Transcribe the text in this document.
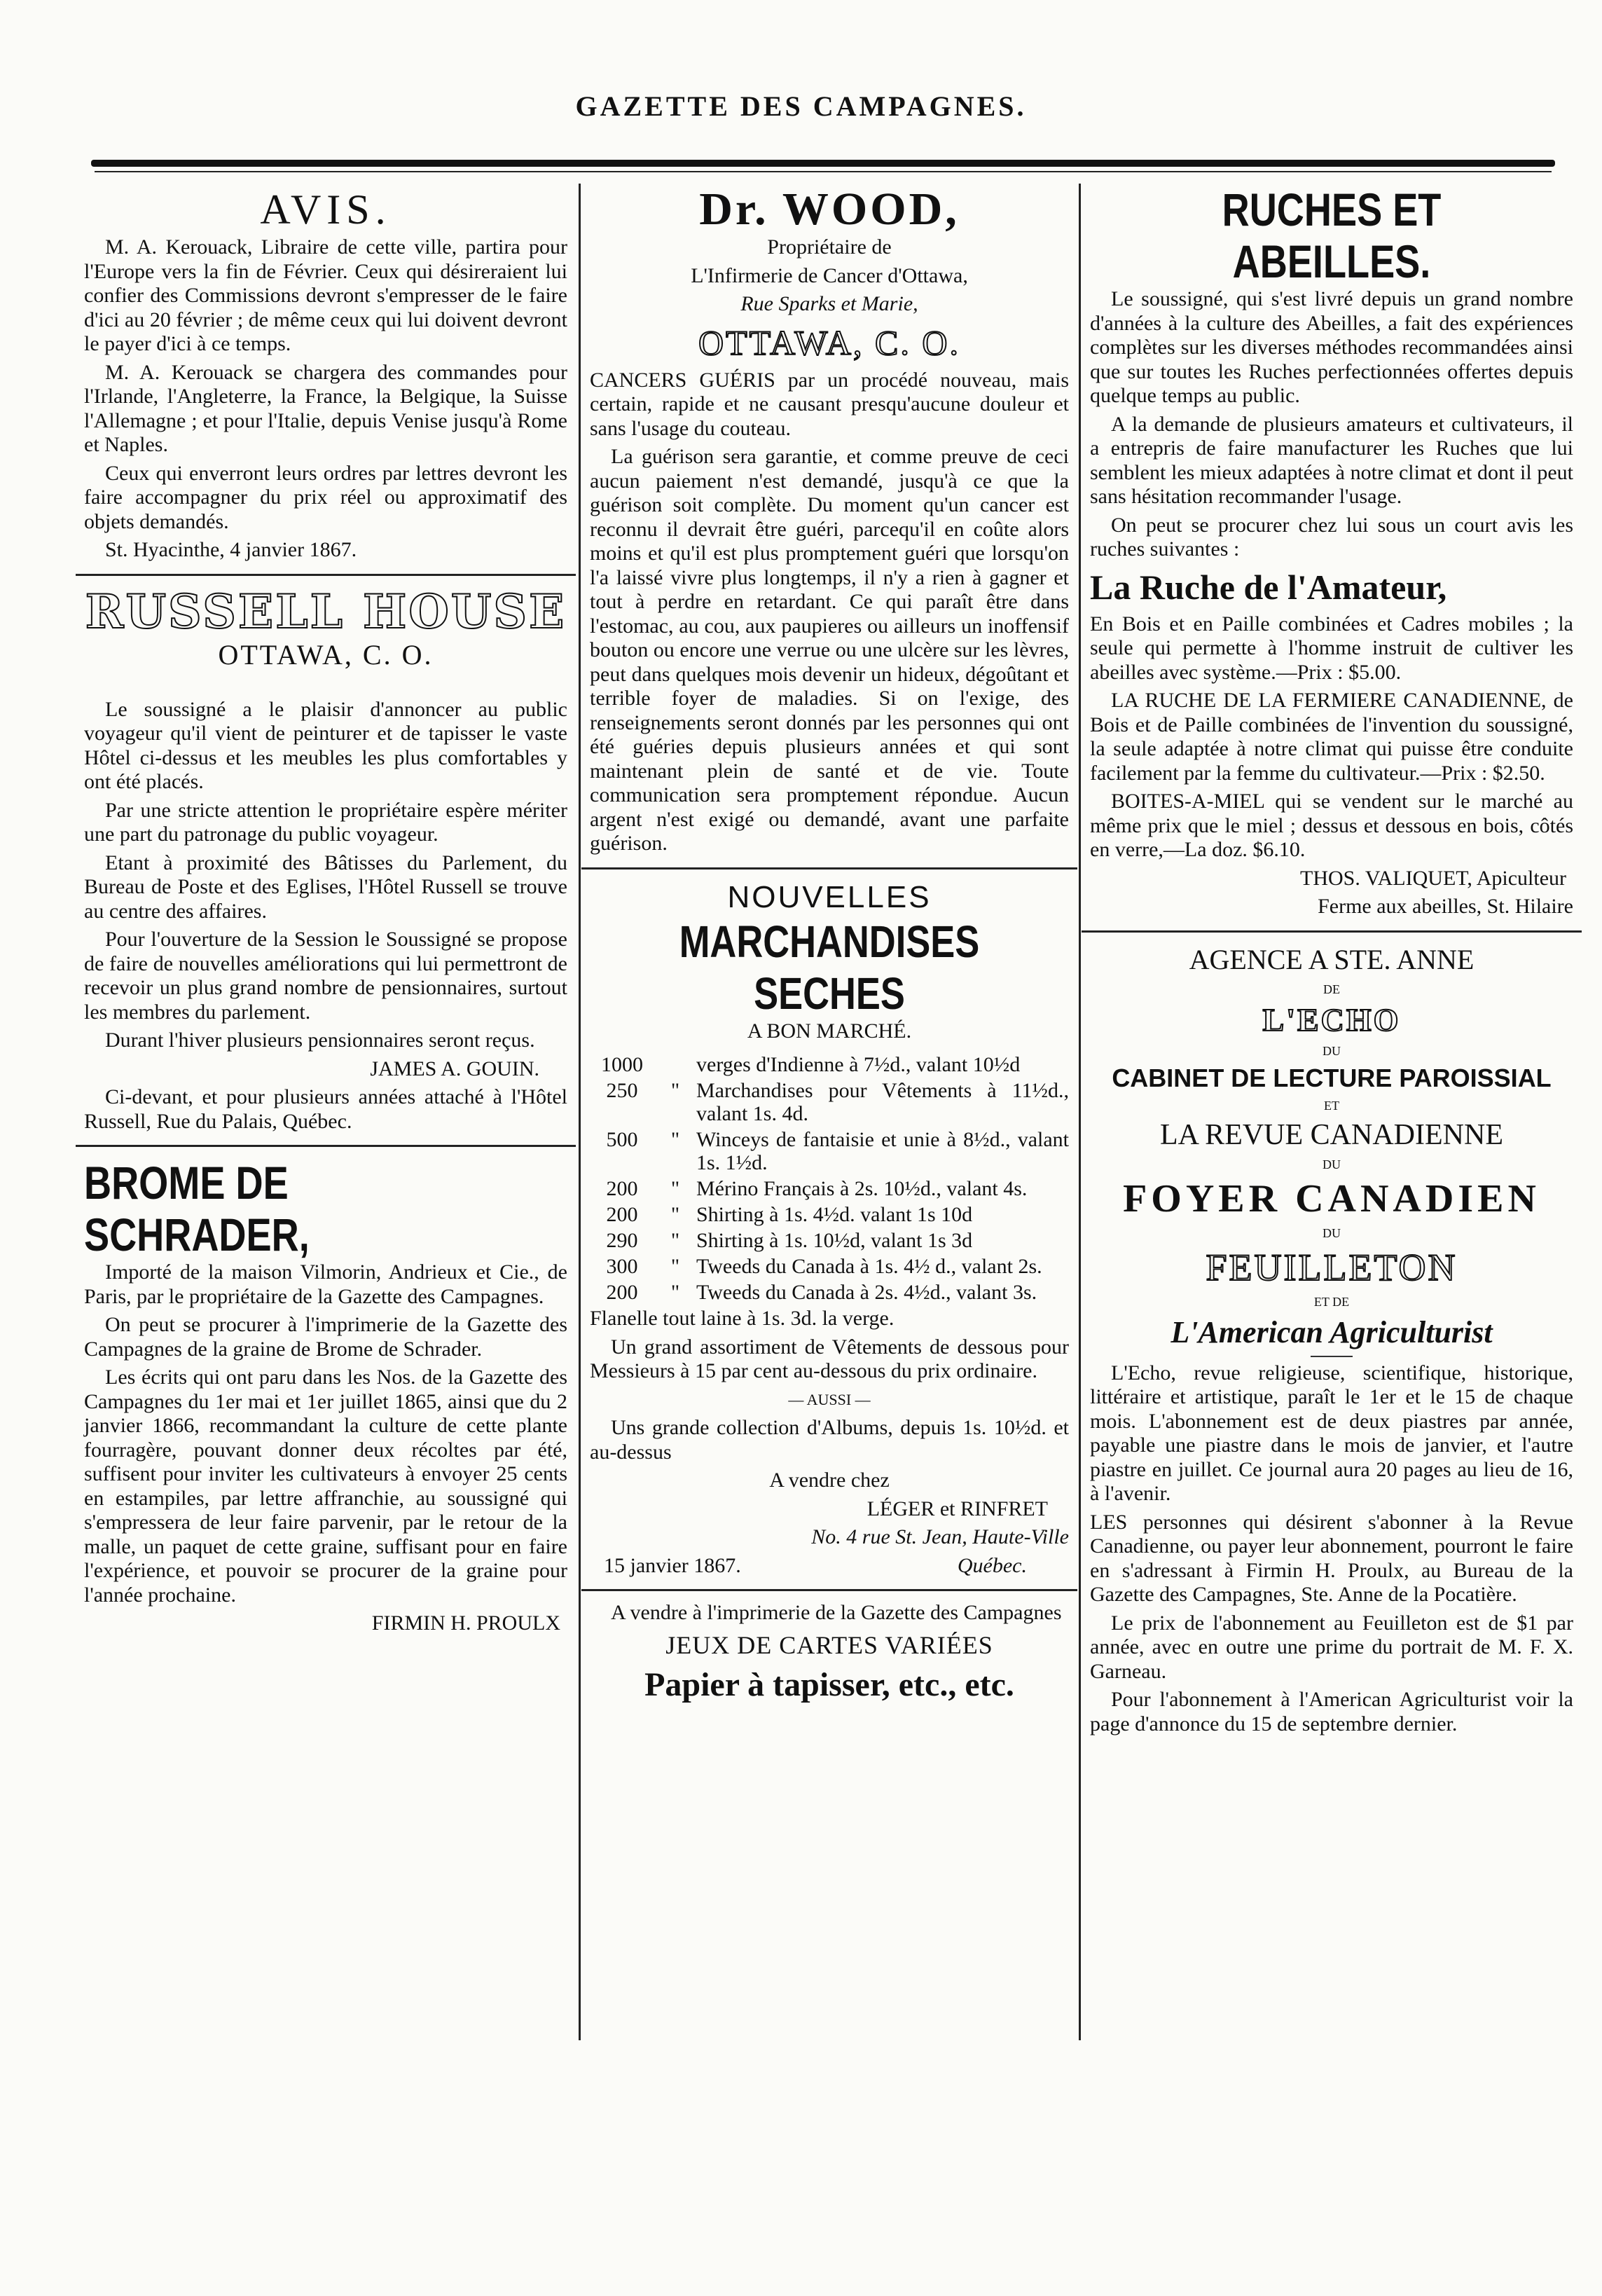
GAZETTE DES CAMPAGNES.
AVIS.

M. A. Kerouack, Libraire de cette ville, partira pour l'Europe vers la fin de Février. Ceux qui désireraient lui confier des Commissions devront s'empresser de le faire d'ici au 20 février ; de même ceux qui lui doivent devront le payer d'ici à ce temps.

M. A. Kerouack se chargera des commandes pour l'Irlande, l'Angleterre, la France, la Belgique, la Suisse l'Allemagne ; et pour l'Italie, depuis Venise jusqu'à Rome et Naples.

Ceux qui enverront leurs ordres par lettres devront les faire accompagner du prix réel ou approximatif des objets demandés.

St. Hyacinthe, 4 janvier 1867.

RUSSELL HOUSE

OTTAWA, C. O.

Le soussigné a le plaisir d'annoncer au public voyageur qu'il vient de peinturer et de tapisser le vaste Hôtel ci-dessus et les meubles les plus comfortables y ont été placés.

Par une stricte attention le propriétaire espère mériter une part du patronage du public voyageur.

Etant à proximité des Bâtisses du Parlement, du Bureau de Poste et des Eglises, l'Hôtel Russell se trouve au centre des affaires.

Pour l'ouverture de la Session le Soussigné se propose de faire de nouvelles améliorations qui lui permettront de recevoir un plus grand nombre de pensionnaires, surtout les membres du parlement.

Durant l'hiver plusieurs pensionnaires seront reçus.

JAMES A. GOUIN.

Ci-devant, et pour plusieurs années attaché à l'Hôtel Russell, Rue du Palais, Québec.

BROME DE SCHRADER,

Importé de la maison Vilmorin, Andrieux et Cie., de Paris, par le propriétaire de la Gazette des Campagnes.

On peut se procurer à l'imprimerie de la Gazette des Campagnes de la graine de Brome de Schrader.

Les écrits qui ont paru dans les Nos. de la Gazette des Campagnes du 1er mai et 1er juillet 1865, ainsi que du 2 janvier 1866, recommandant la culture de cette plante fourragère, pouvant donner deux récoltes par été, suffisent pour inviter les cultivateurs à envoyer 25 cents en estampiles, par lettre affranchie, au soussigné qui s'empressera de leur faire parvenir, par le retour de la malle, un paquet de cette graine, suffisant pour en faire l'expérience, et pouvoir se procurer de la graine pour l'année prochaine.

FIRMIN H. PROULX

Dr. WOOD,

Propriétaire de

L'Infirmerie de Cancer d'Ottawa,

Rue Sparks et Marie,

OTTAWA, C. O.

CANCERS GUÉRIS par un procédé nouveau, mais certain, rapide et ne causant presqu'aucune douleur et sans l'usage du couteau.

La guérison sera garantie, et comme preuve de ceci aucun paiement n'est demandé, jusqu'à ce que la guérison soit complète. Du moment qu'un cancer est reconnu il devrait être guéri, parcequ'il en coûte alors moins et qu'il est plus promptement guéri que lorsqu'on l'a laissé vivre plus longtemps, il n'y a rien à gagner et tout à perdre en retardant. Ce qui paraît être dans l'estomac, au cou, aux paupieres ou ailleurs un inoffensif bouton ou encore une verrue ou une ulcère sur les lèvres, peut dans quelques mois devenir un hideux, dégoûtant et terrible foyer de maladies. Si on l'exige, des renseignements seront donnés par les personnes qui ont été guéries depuis plusieurs années et qui sont maintenant plein de santé et de vie. Toute communication sera promptement répondue. Aucun argent n'est exigé ou demandé, avant une parfaite guérison.

NOUVELLES
MARCHANDISES SECHES

A BON MARCHÉ.

1000		verges d'Indienne à 7½d., valant 10½d
250	"	Marchandises pour Vêtements à 11½d., valant 1s. 4d.
500	"	Winceys de fantaisie et unie à 8½d., valant 1s. 1½d.
200	"	Mérino Français à 2s. 10½d., valant 4s.
200	"	Shirting à 1s. 4½d. valant 1s 10d
290	"	Shirting à 1s. 10½d, valant 1s 3d
300	"	Tweeds du Canada à 1s. 4½ d., valant 2s.
200	"	Tweeds du Canada à 2s. 4½d., valant 3s.

Flanelle tout laine à 1s. 3d. la verge.

Un grand assortiment de Vêtements de dessous pour Messieurs à 15 par cent au-dessous du prix ordinaire.

— AUSSI —

Uns grande collection d'Albums, depuis 1s. 10½d. et au-dessus

A vendre chez

LÉGER et RINFRET

No. 4 rue St. Jean, Haute-Ville

15 janvier 1867.	Québec.

A vendre à l'imprimerie de la Gazette des Campagnes

JEUX DE CARTES VARIÉES

Papier à tapisser, etc., etc.

RUCHES ET ABEILLES.

Le soussigné, qui s'est livré depuis un grand nombre d'années à la culture des Abeilles, a fait des expériences complètes sur les diverses méthodes recommandées ainsi que sur toutes les Ruches perfectionnées offertes depuis quelque temps au public.

A la demande de plusieurs amateurs et cultivateurs, il a entrepris de faire manufacturer les Ruches que lui semblent les mieux adaptées à notre climat et dont il peut sans hésitation recommander l'usage.

On peut se procurer chez lui sous un court avis les ruches suivantes :

La Ruche de l'Amateur,

En Bois et en Paille combinées et Cadres mobiles ; la seule qui permette à l'homme instruit de cultiver les abeilles avec système.—Prix : $5.00.

LA RUCHE DE LA FERMIERE CANADIENNE, de Bois et de Paille combinées de l'invention du soussigné, la seule adaptée à notre climat qui puisse être conduite facilement par la femme du cultivateur.—Prix : $2.50.

BOITES-A-MIEL qui se vendent sur le marché au même prix que le miel ; dessus et dessous en bois, côtés en verre,—La doz. $6.10.

THOS. VALIQUET, Apiculteur

Ferme aux abeilles, St. Hilaire

AGENCE A STE. ANNE

DE

L'ECHO

DU

CABINET DE LECTURE PAROISSIAL

ET

LA REVUE CANADIENNE

DU

FOYER CANADIEN

DU

FEUILLETON

ET DE

L'American Agriculturist

L'Echo, revue religieuse, scientifique, historique, littéraire et artistique, paraît le 1er et le 15 de chaque mois. L'abonnement est de deux piastres par année, payable une piastre dans le mois de janvier, et l'autre piastre en juillet. Ce journal aura 20 pages au lieu de 16, à l'avenir.

LES personnes qui désirent s'abonner à la Revue Canadienne, ou payer leur abonnement, pourront le faire en s'adressant à Firmin H. Proulx, au Bureau de la Gazette des Campagnes, Ste. Anne de la Pocatière.

Le prix de l'abonnement au Feuilleton est de $1 par année, avec en outre une prime du portrait de M. F. X. Garneau.

Pour l'abonnement à l'American Agriculturist voir la page d'annonce du 15 de septembre dernier.
